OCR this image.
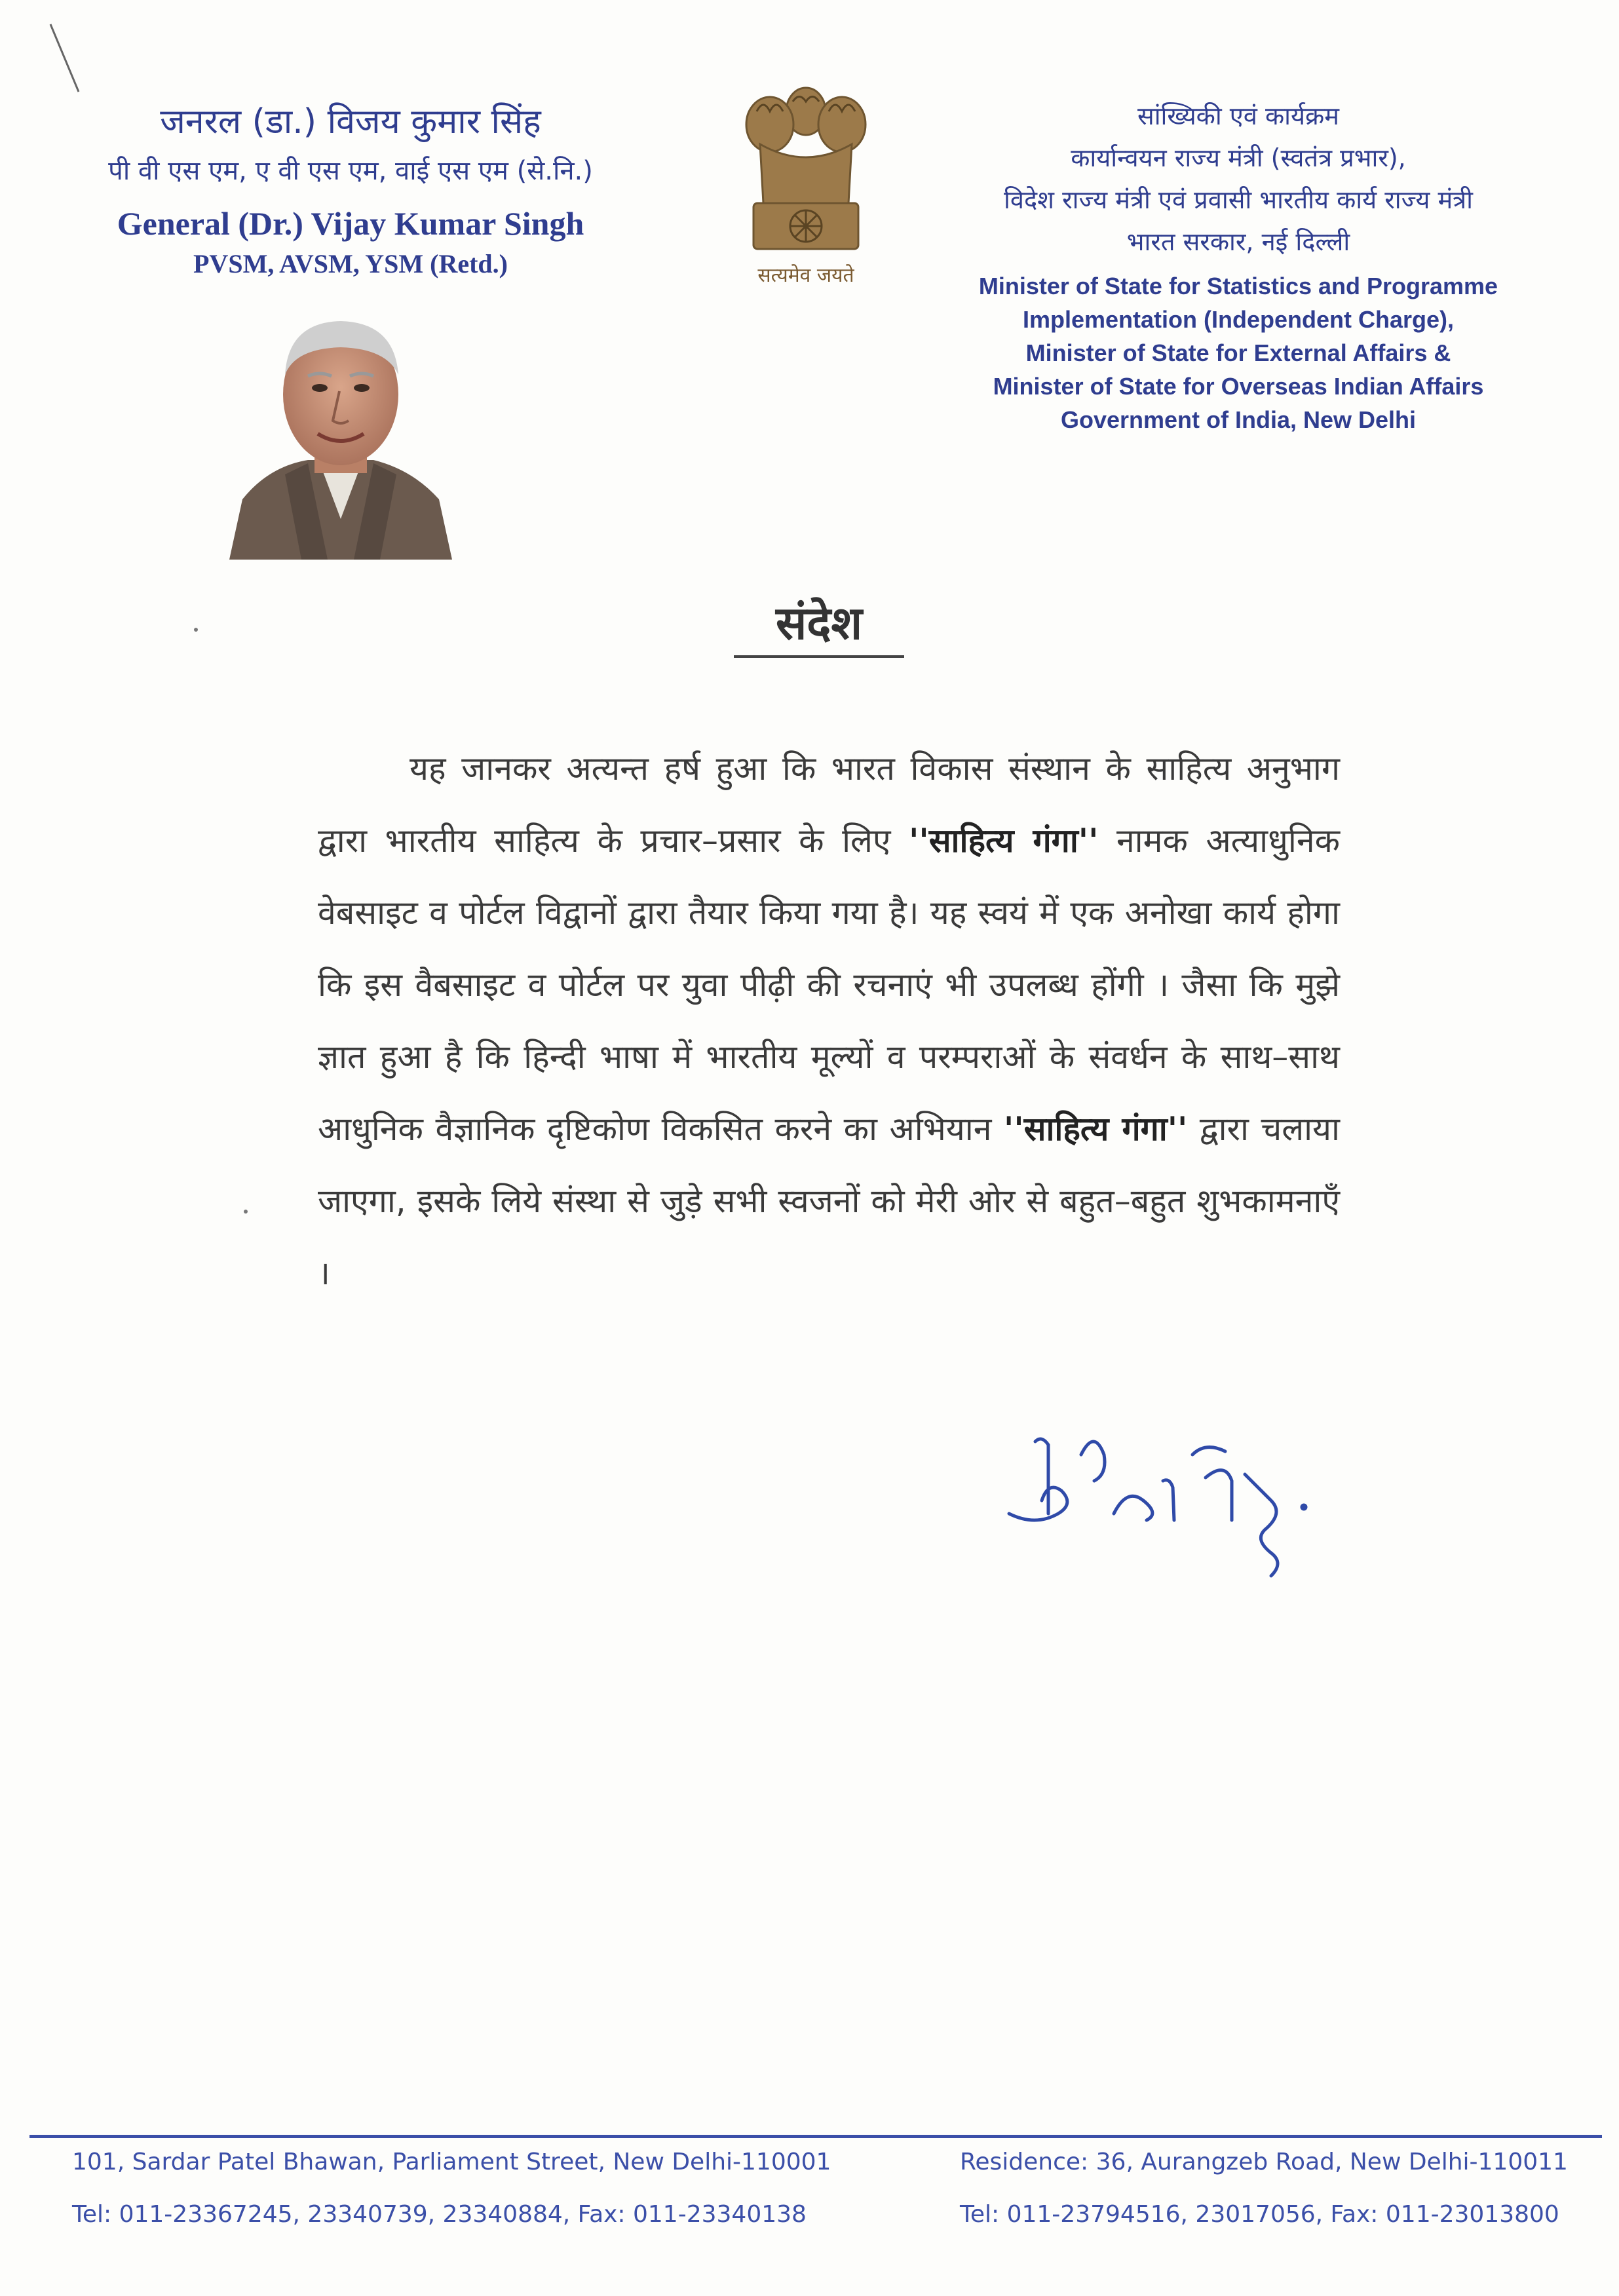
जनरल (डा.) विजय कुमार सिंह
पी वी एस एम, ए वी एस एम, वाई एस एम (से.नि.)
General (Dr.) Vijay Kumar Singh
PVSM, AVSM, YSM (Retd.)	सत्यमेव जयते
सांख्यिकी एवं कार्यक्रम
कार्यान्वयन राज्य मंत्री (स्वतंत्र प्रभार),
विदेश राज्य मंत्री एवं प्रवासी भारतीय कार्य राज्य मंत्री
भारत सरकार, नई दिल्ली
Minister of State for Statistics and Programme
Implementation (Independent Charge),
Minister of State for External Affairs &
Minister of State for Overseas Indian Affairs
Government of India, New Delhi
संदेश
यह जानकर अत्यन्त हर्ष हुआ कि भारत विकास संस्थान के साहित्य अनुभाग द्वारा भारतीय साहित्य के प्रचार–प्रसार के लिए ''साहित्य गंगा'' नामक अत्याधुनिक वेबसाइट व पोर्टल विद्वानों द्वारा तैयार किया गया है। यह स्वयं में एक अनोखा कार्य होगा कि इस वैबसाइट व पोर्टल पर युवा पीढ़ी की रचनाएं भी उपलब्ध होंगी । जैसा कि मुझे ज्ञात हुआ है कि हिन्दी भाषा में भारतीय मूल्यों व परम्पराओं के संवर्धन के साथ–साथ आधुनिक वैज्ञानिक दृष्टिकोण विकसित करने का अभियान ''साहित्य गंगा'' द्वारा चलाया जाएगा, इसके लिये संस्था से जुड़े सभी स्वजनों को मेरी ओर से बहुत–बहुत शुभकामनाएँ ।
101, Sardar Patel Bhawan, Parliament Street, New Delhi-110001
Tel: 011-23367245, 23340739, 23340884, Fax: 011-23340138
Residence: 36, Aurangzeb Road, New Delhi-110011
Tel: 011-23794516, 23017056, Fax: 011-23013800
